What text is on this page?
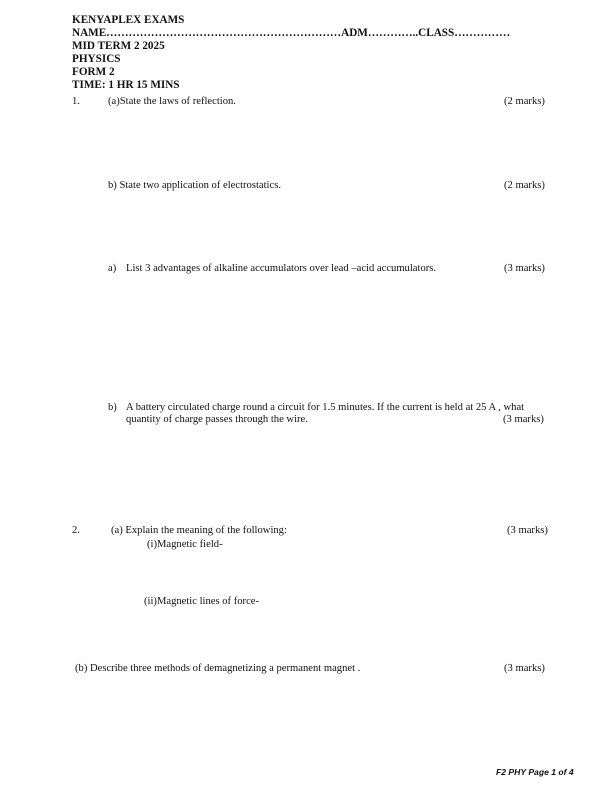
KENYAPLEX EXAMS
NAME………………………………………………………ADM…………..CLASS……………
MID TERM 2 2025
PHYSICS
FORM 2
TIME: 1 HR 15 MINS
1.	(a)State the laws of reflection.	(2 marks)
b) State two application of electrostatics.	(2 marks)
a) List 3 advantages of alkaline accumulators over lead –acid accumulators.	(3 marks)
b) A battery circulated charge round a circuit for 1.5 minutes. If the current is held at 25 A , what
quantity of charge passes through the wire.	(3 marks)
2.	(a) Explain the meaning of the following:	(3 marks)
(i)Magnetic field-
(ii)Magnetic lines of force-
(b) Describe three methods of demagnetizing a permanent magnet .	(3 marks)
F2 PHY Page 1 of 4
